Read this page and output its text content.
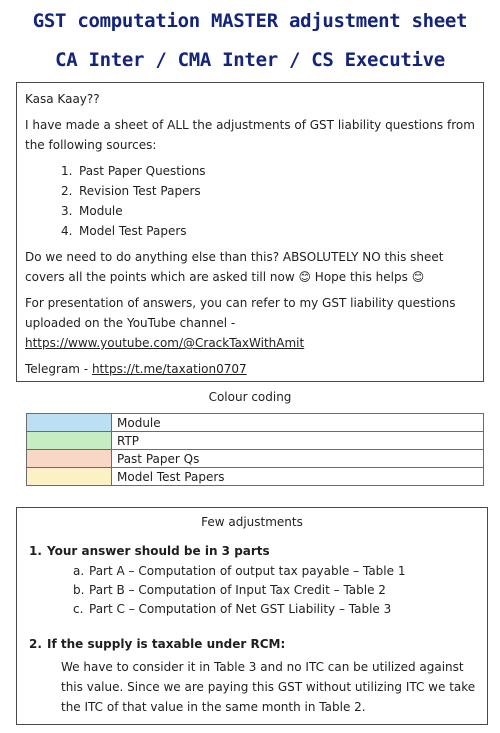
GST computation MASTER adjustment sheet
CA Inter / CMA Inter / CS Executive

Kasa Kaay??

I have made a sheet of ALL the adjustments of GST liability questions from the following sources:

1. Past Paper Questions
2. Revision Test Papers
3. Module
4. Model Test Papers

Do we need to do anything else than this? ABSOLUTELY NO this sheet covers all the points which are asked till now 😊 Hope this helps 😊

For presentation of answers, you can refer to my GST liability questions uploaded on the YouTube channel -
https://www.youtube.com/@CrackTaxWithAmit

Telegram - https://t.me/taxation0707

Colour coding
	Module
	RTP
	Past Paper Qs
	Model Test Papers
Few adjustments
1. Your answer should be in 3 parts
a. Part A – Computation of output tax payable – Table 1
b. Part B – Computation of Input Tax Credit – Table 2
c. Part C – Computation of Net GST Liability – Table 3
2. If the supply is taxable under RCM:
We have to consider it in Table 3 and no ITC can be utilized against this value. Since we are paying this GST without utilizing ITC we take the ITC of that value in the same month in Table 2.
